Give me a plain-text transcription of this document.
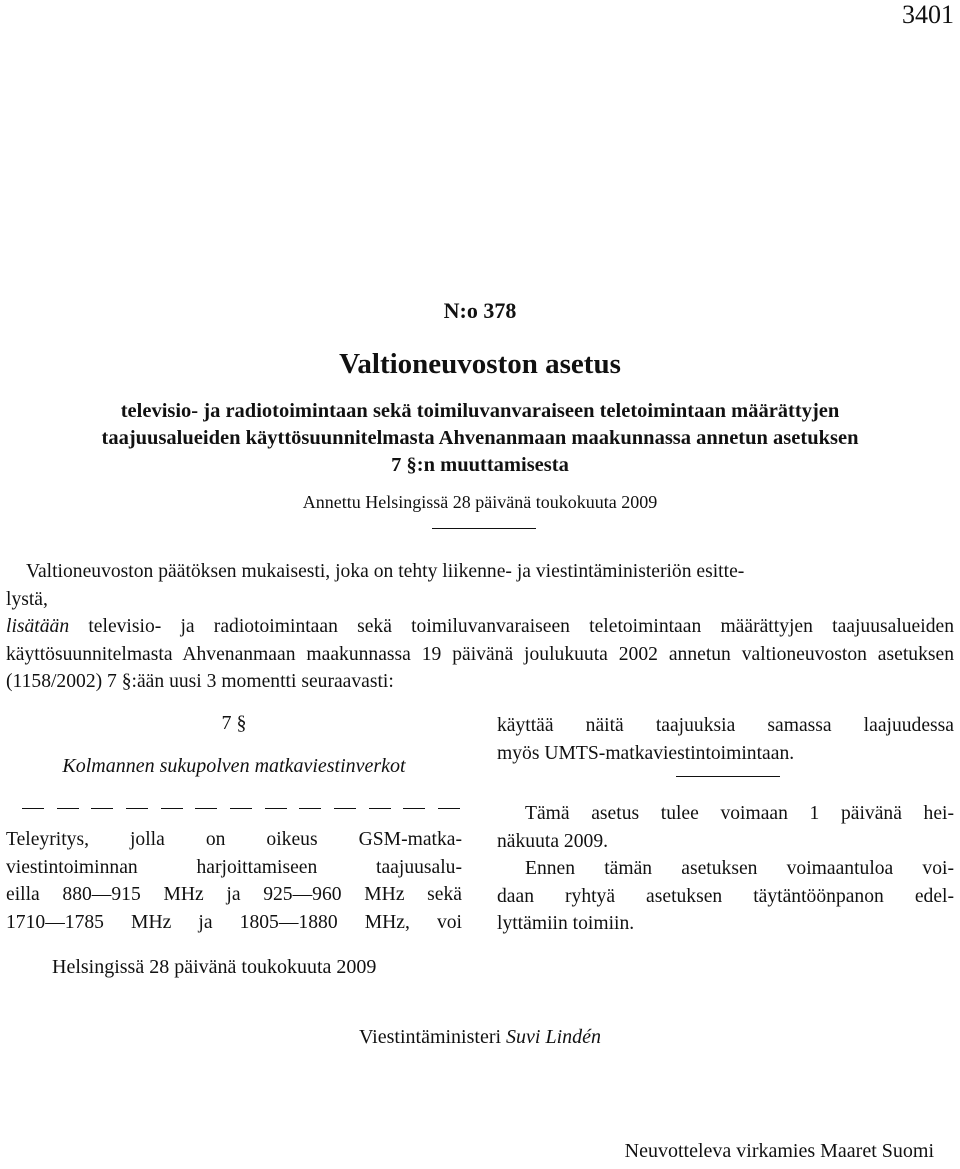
3401
N:o 378
Valtioneuvoston asetus
televisio- ja radiotoimintaan sekä toimiluvanvaraiseen teletoimintaan määrättyjen
taajuusalueiden käyttösuunnitelmasta Ahvenanmaan maakunnassa annetun asetuksen
7 §:n muuttamisesta
Annettu Helsingissä 28 päivänä toukokuuta 2009

Valtioneuvoston päätöksen mukaisesti, joka on tehty liikenne- ja viestintäministeriön esitte-

lystä,

lisätään televisio- ja radiotoimintaan sekä toimiluvanvaraiseen teletoimintaan määrättyjen taajuusalueiden käyttösuunnitelmasta Ahvenanmaan maakunnassa 19 päivänä joulukuuta 2002 annetun valtioneuvoston asetuksen (1158/2002) 7 §:ään uusi 3 momentti seuraavasti:

7 §
Kolmannen sukupolven matkaviestinverkot
Teleyritys, jolla on oikeus GSM-matka-
viestintoiminnan harjoittamiseen taajuusalu-
eilla 880—915 MHz ja 925—960 MHz sekä
1710—1785 MHz ja 1805—1880 MHz, voi
käyttää näitä taajuuksia samassa laajuudessa
myös UMTS-matkaviestintoimintaan.
Tämä asetus tulee voimaan 1 päivänä hei-
näkuuta 2009.
Ennen tämän asetuksen voimaantuloa voi-
daan ryhtyä asetuksen täytäntöönpanon edel-
lyttämiin toimiin.
Helsingissä 28 päivänä toukokuuta 2009
Viestintäministeri Suvi Lindén
Neuvotteleva virkamies Maaret Suomi
